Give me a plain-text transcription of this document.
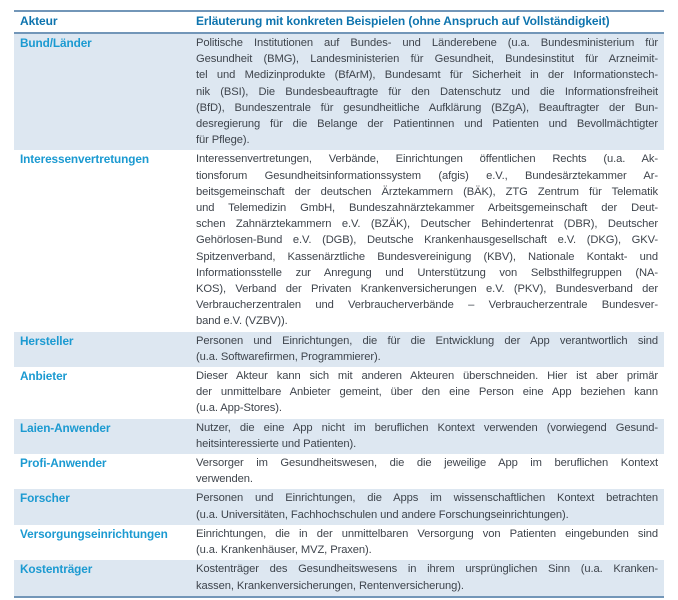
Akteur	Erläuterung mit konkreten Beispielen (ohne Anspruch auf Vollständigkeit)
Bund/Länder	Politische Institutionen auf Bundes- und Länderebene (u.a. Bundesministerium für
Gesundheit (BMG), Landesministerien für Gesundheit, Bundesinstitut für Arzneimit-
tel und Medizinprodukte (BfArM), Bundesamt für Sicherheit in der Informationstech-
nik (BSI), Die Bundesbeauftragte für den Datenschutz und die Informationsfreiheit
(BfD), Bundeszentrale für gesundheitliche Aufklärung (BZgA), Beauftragter der Bun-
desregierung für die Belange der Patientinnen und Patienten und Bevollmächtigter
für Pflege).
Interessenvertretungen	Interessenvertretungen, Verbände, Einrichtungen öffentlichen Rechts (u.a. Ak-
tionsforum Gesundheitsinformationssystem (afgis) e.V., Bundesärztekammer Ar-
beitsgemeinschaft der deutschen Ärztekammern (BÄK), ZTG Zentrum für Telematik
und Telemedizin GmbH, Bundeszahnärztekammer Arbeitsgemeinschaft der Deut-
schen Zahnärztekammern e.V. (BZÄK), Deutscher Behindertenrat (DBR), Deutscher
Gehörlosen-Bund e.V. (DGB), Deutsche Krankenhausgesellschaft e.V. (DKG), GKV-
Spitzenverband, Kassenärztliche Bundesvereinigung (KBV), Nationale Kontakt- und
Informationsstelle zur Anregung und Unterstützung von Selbsthilfegruppen (NA-
KOS), Verband der Privaten Krankenversicherungen e.V. (PKV), Bundesverband der
Verbraucherzentralen und Verbraucherverbände – Verbraucherzentrale Bundesver-
band e.V. (VZBV)).
Hersteller	Personen und Einrichtungen, die für die Entwicklung der App verantwortlich sind
(u.a. Softwarefirmen, Programmierer).
Anbieter	Dieser Akteur kann sich mit anderen Akteuren überschneiden. Hier ist aber primär
der unmittelbare Anbieter gemeint, über den eine Person eine App beziehen kann
(u.a. App-Stores).
Laien-Anwender	Nutzer, die eine App nicht im beruflichen Kontext verwenden (vorwiegend Gesund-
heitsinteressierte und Patienten).
Profi-Anwender	Versorger im Gesundheitswesen, die die jeweilige App im beruflichen Kontext
verwenden.
Forscher	Personen und Einrichtungen, die Apps im wissenschaftlichen Kontext betrachten
(u.a. Universitäten, Fachhochschulen und andere Forschungseinrichtungen).
Versorgungseinrichtungen	Einrichtungen, die in der unmittelbaren Versorgung von Patienten eingebunden sind
(u.a. Krankenhäuser, MVZ, Praxen).
Kostenträger	Kostenträger des Gesundheitswesens in ihrem ursprünglichen Sinn (u.a. Kranken-
kassen, Krankenversicherungen, Rentenversicherung).
